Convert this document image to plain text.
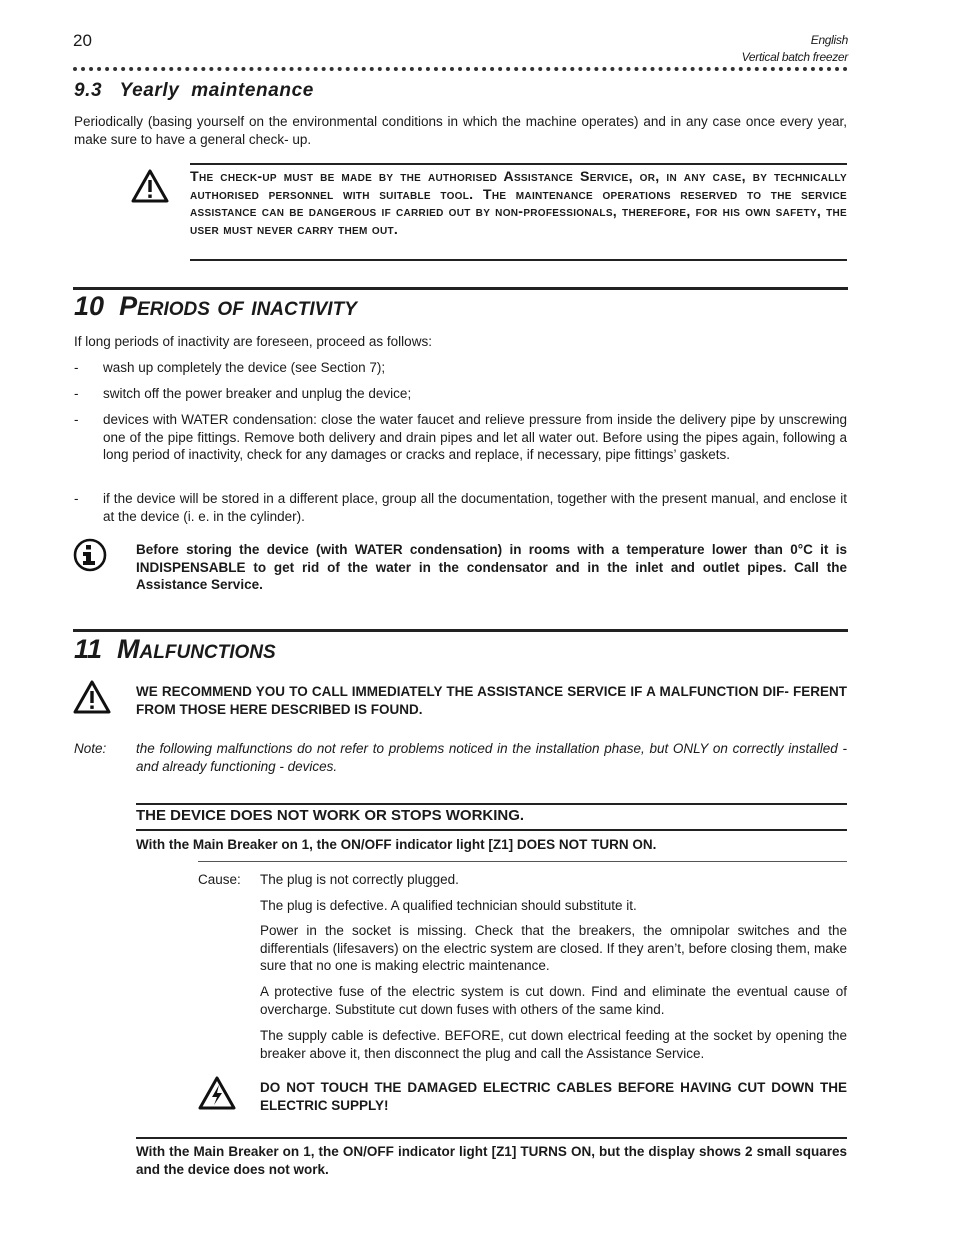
20	English
Vertical batch freezer
9.3   Yearly  maintenance
Periodically (basing yourself on the environmental conditions in which the machine operates) and in any case once every year, make sure to have a general check- up.
The check-up must be made by the authorised Assistance Service, or, in any case, by technically authorised personnel with suitable tool. The maintenance operations reserved to the service assistance can be dangerous if carried out by non-professionals, therefore, for his own safety, the user must never carry them out.
10 Periods of inactivity
If long periods of inactivity are foreseen, proceed as follows:
- wash up completely the device (see Section 7);
- switch off the power breaker and unplug the device;
- devices with WATER condensation: close the water faucet and relieve pressure from inside the delivery pipe by unscrewing one of the pipe fittings. Remove both delivery and drain pipes and let all water out. Before using the pipes again, following a long period of inactivity, check for any damages or cracks and replace, if necessary, pipe fittings’ gaskets.
- if the device will be stored in a different place, group all the documentation, together with the present manual, and enclose it at the device (i. e. in the cylinder).
Before storing the device (with WATER condensation) in rooms with a temperature lower than 0°C it is INDISPENSABLE to get rid of the water in the condensator and in the inlet and outlet pipes. Call the Assistance Service.
11 Malfunctions
WE RECOMMEND YOU TO CALL IMMEDIATELY THE ASSISTANCE SERVICE IF A MALFUNCTION DIF- FERENT FROM THOSE HERE DESCRIBED IS FOUND.
Note: the following malfunctions do not refer to problems noticed in the installation phase, but ONLY on correctly installed - and already functioning - devices.
THE DEVICE DOES NOT WORK OR STOPS WORKING.
With the Main Breaker on 1, the ON/OFF indicator light [Z1] DOES NOT TURN ON.
Cause: The plug is not correctly plugged.
The plug is defective. A qualified technician should substitute it.
Power in the socket is missing. Check that the breakers, the omnipolar switches and the differentials (lifesavers) on the electric system are closed. If they aren’t, before closing them, make sure that no one is making electric maintenance.
A protective fuse of the electric system is cut down. Find and eliminate the eventual cause of overcharge. Substitute cut down fuses with others of the same kind.
The supply cable is defective. BEFORE, cut down electrical feeding at the socket by opening the breaker above it, then disconnect the plug and call the Assistance Service.
DO NOT TOUCH THE DAMAGED ELECTRIC CABLES BEFORE HAVING CUT DOWN THE ELECTRIC SUPPLY!
With the Main Breaker on 1, the ON/OFF indicator light [Z1] TURNS ON, but the display shows 2 small squares and the device does not work.
